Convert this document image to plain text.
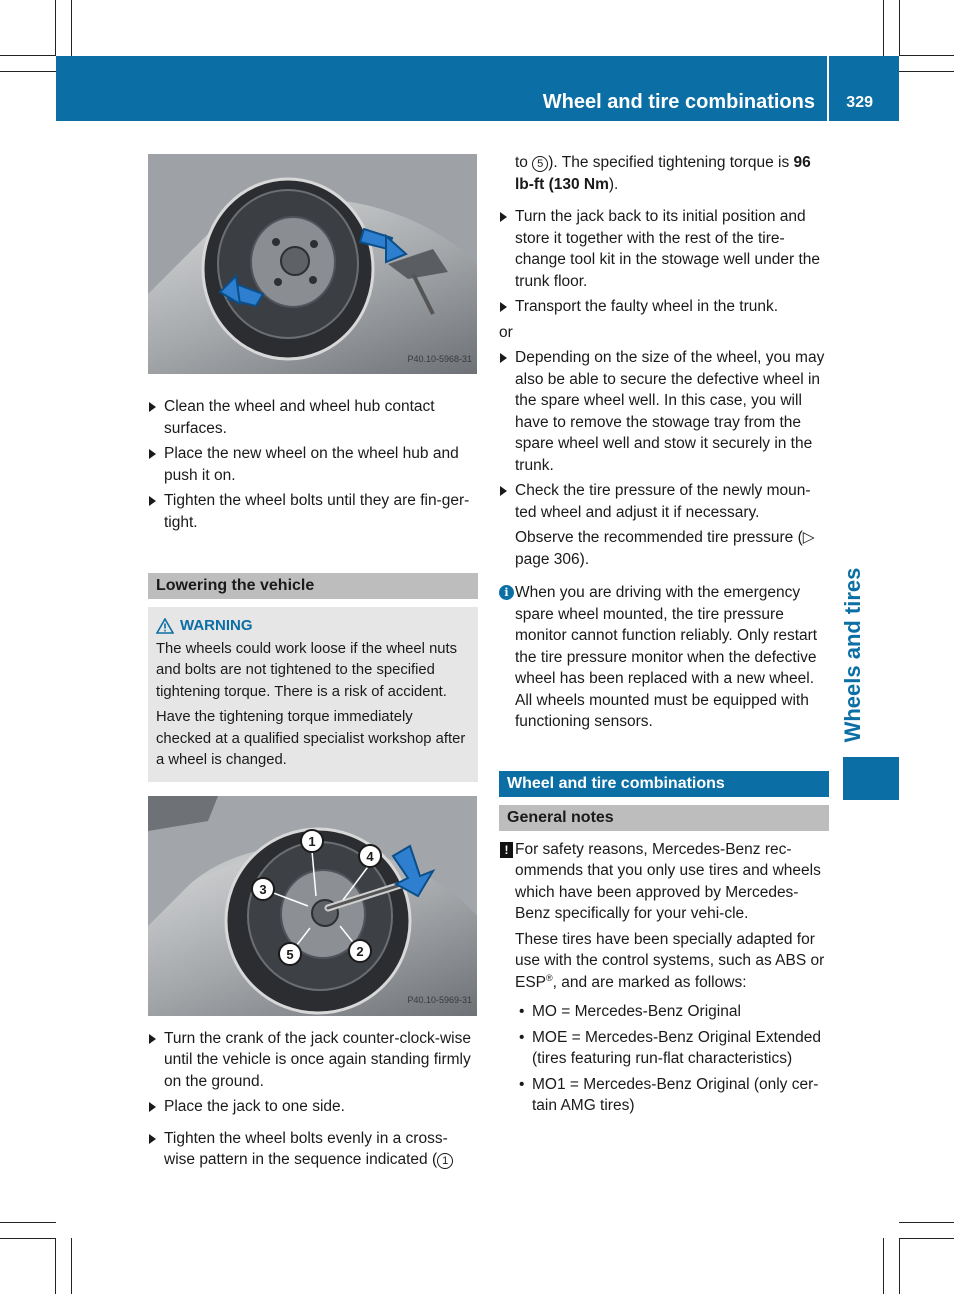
Wheel and tire combinations 329
Wheels and tires
P40.10-5968-31
Clean the wheel and wheel hub contact surfaces.
Place the new wheel on the wheel hub and push it on.
Tighten the wheel bolts until they are fin-ger-tight.
Lowering the vehicle
WARNING

The wheels could work loose if the wheel nuts and bolts are not tightened to the specified tightening torque. There is a risk of accident.

Have the tightening torque immediately checked at a qualified specialist workshop after a wheel is changed.

1
4
3
2
5
P40.10-5969-31
Turn the crank of the jack counter-clock-wise until the vehicle is once again standing firmly on the ground.
Place the jack to one side.
Tighten the wheel bolts evenly in a cross-wise pattern in the sequence indicated ( 1
to 5 ). The specified tightening torque is 96 lb-ft (130 Nm).
Turn the jack back to its initial position and store it together with the rest of the tire-change tool kit in the stowage well under the trunk floor.
Transport the faulty wheel in the trunk.
or
Depending on the size of the wheel, you may also be able to secure the defective wheel in the spare wheel well. In this case, you will have to remove the stowage tray from the spare wheel well and stow it securely in the trunk.
Check the tire pressure of the newly moun-ted wheel and adjust it if necessary.
Observe the recommended tire pressure (▷ page 306).
i When you are driving with the emergency spare wheel mounted, the tire pressure monitor cannot function reliably. Only restart the tire pressure monitor when the defective wheel has been replaced with a new wheel. All wheels mounted must be equipped with functioning sensors.
Wheel and tire combinations
General notes
! For safety reasons, Mercedes-Benz rec-ommends that you only use tires and wheels which have been approved by Mercedes-Benz specifically for your vehi-cle.
These tires have been specially adapted for use with the control systems, such as ABS or ESP®, and are marked as follows:
• MO = Mercedes-Benz Original
• MOE = Mercedes-Benz Original Extended (tires featuring run-flat characteristics)
• MO1 = Mercedes-Benz Original (only cer-tain AMG tires)
